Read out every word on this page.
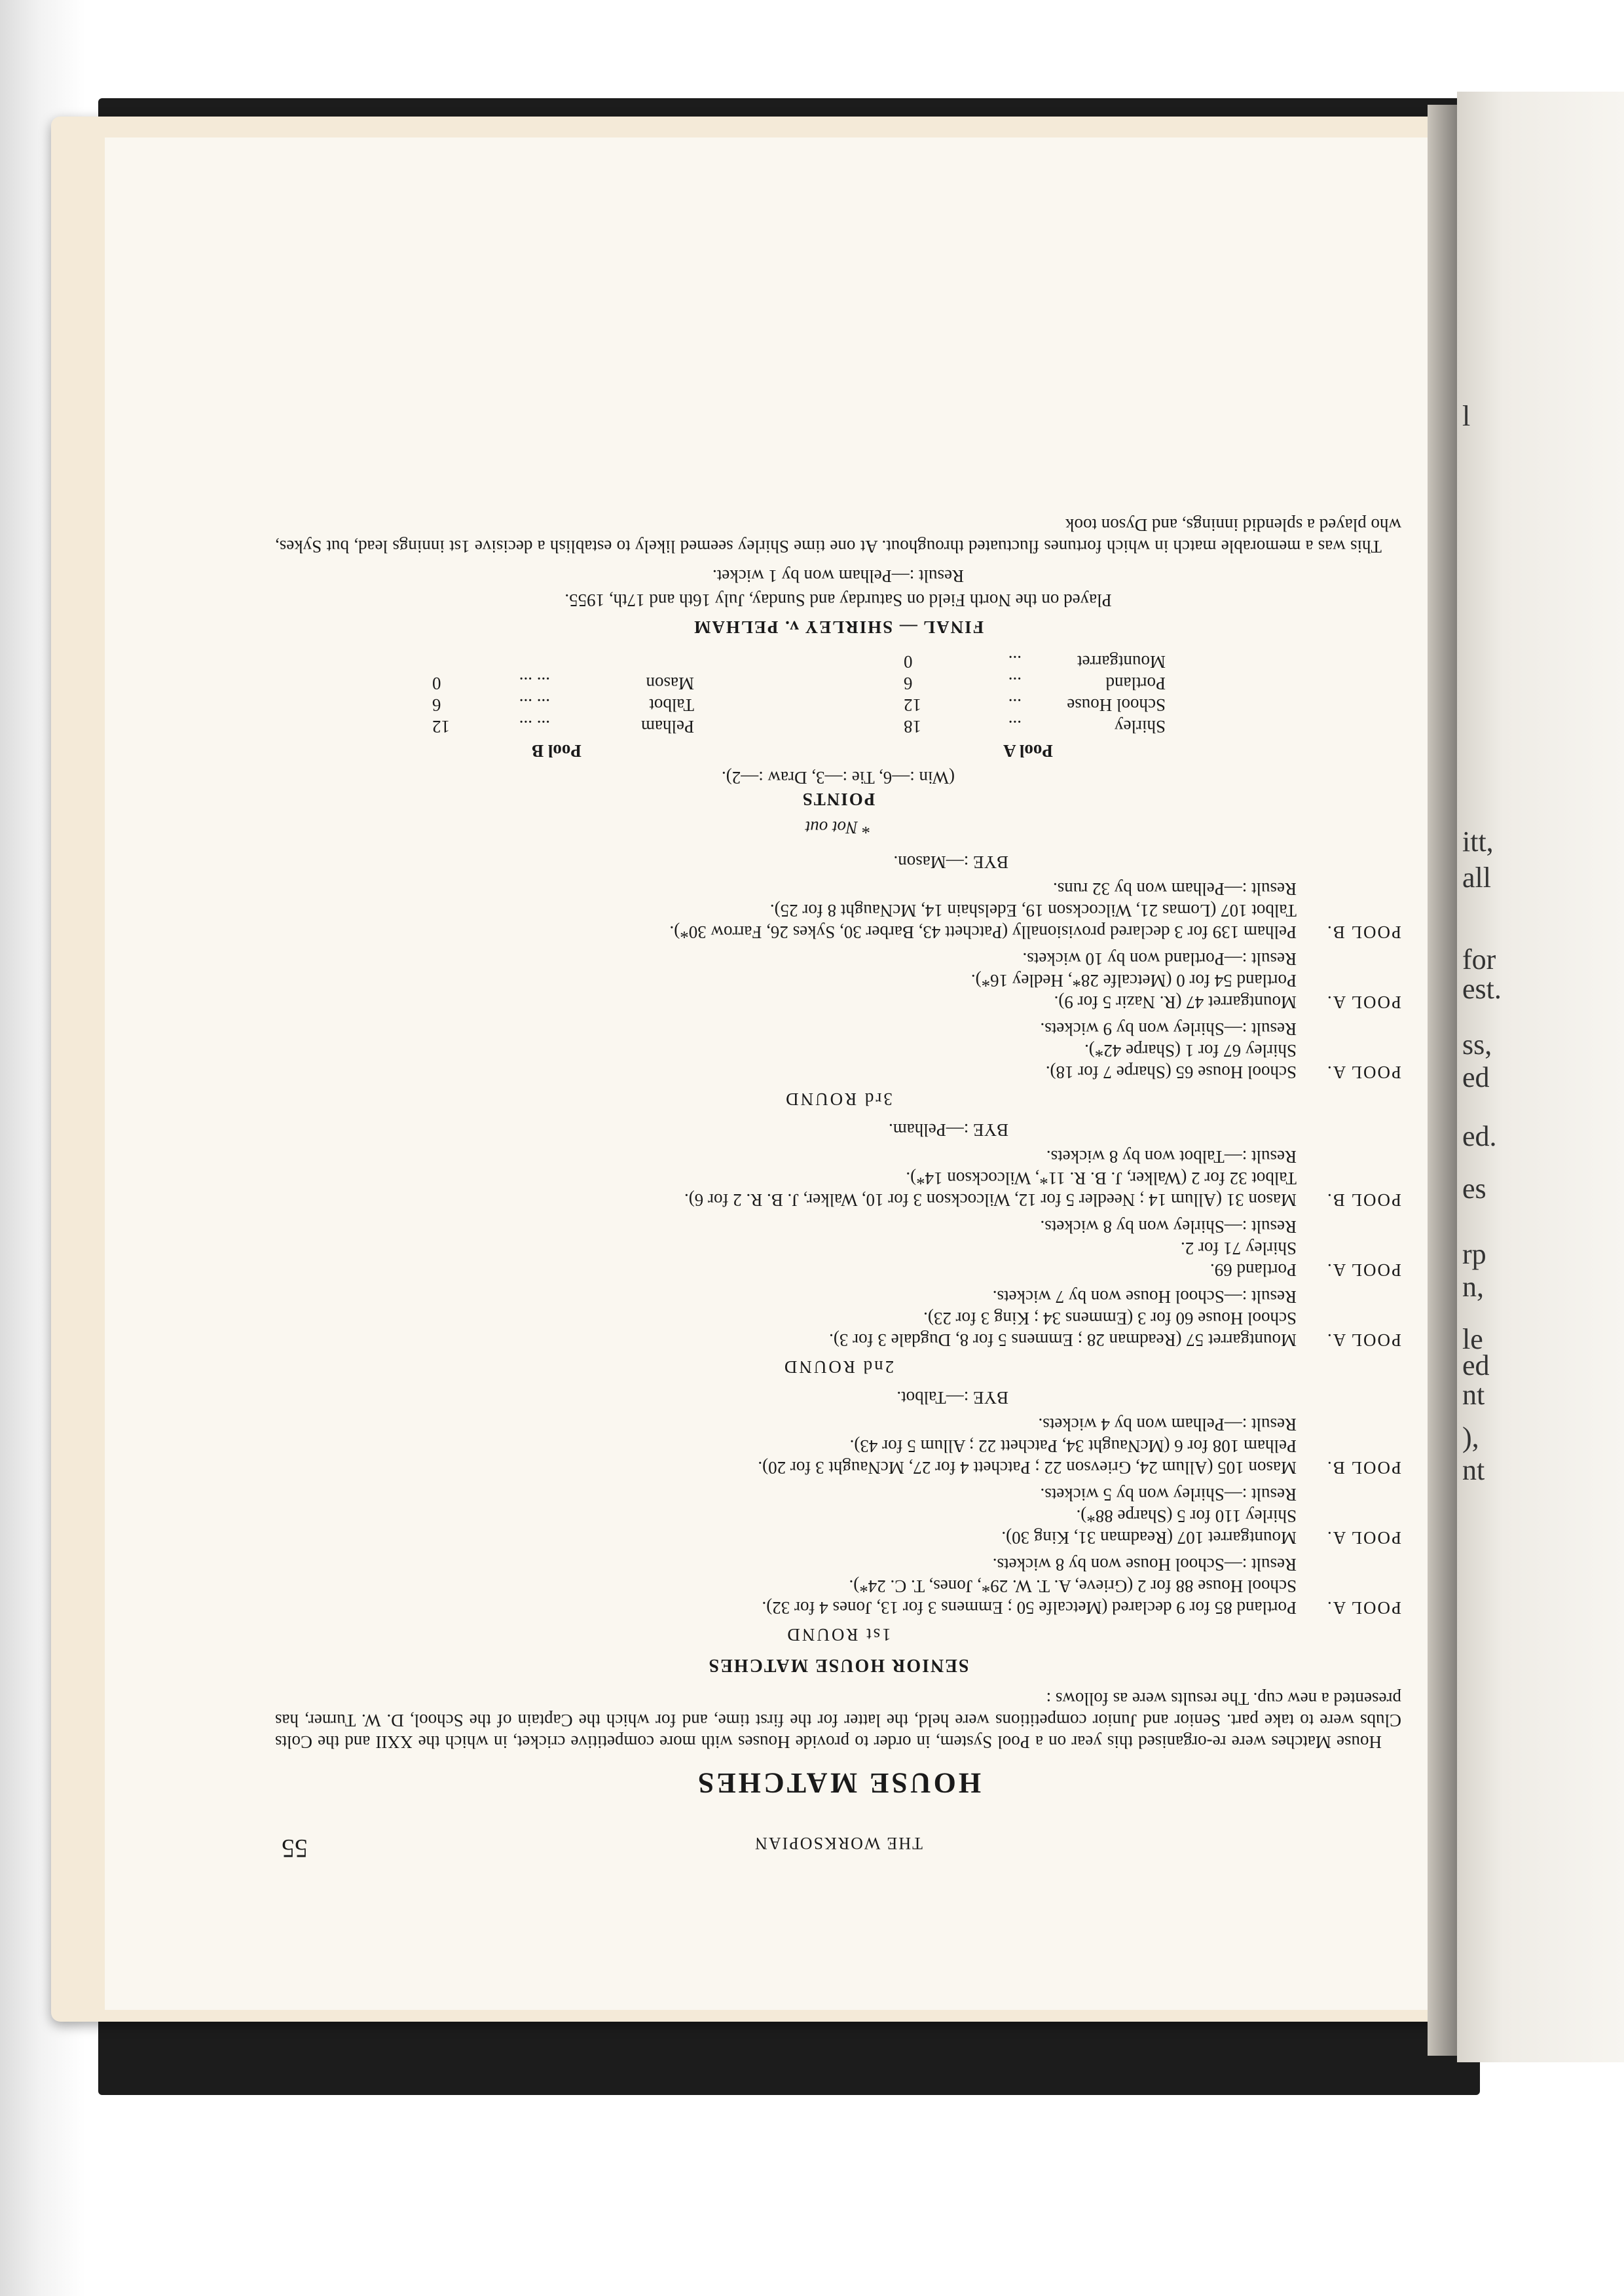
l
itt,
all
for
est.
ss,
ed
ed.
es
rp
n,
le
ed
nt
),
nt
THE WORKSOPIAN
55
HOUSE MATCHES

House Matches were re-organised this year on a Pool System, in order to provide Houses with more competitive cricket, in which the XXII and the Colts Clubs were to take part. Senior and Junior competitions were held, the latter for the first time, and for which the Captain of the School, D. W. Turner, has presented a new cup. The results were as follows :

SENIOR HOUSE MATCHES
1st ROUND
POOL A.
Portland 85 for 9 declared (Metcalfe 50 ; Emmens 3 for 13, Jones 4 for 32).
School House 88 for 2 (Grieve, A. T. W. 29*, Jones, T. C. 24*).
Result :—School House won by 8 wickets.
POOL A.
Mountgarret 107 (Readman 31, King 30).
Shirley 110 for 5 (Sharpe 88*).
Result :—Shirley won by 5 wickets.
POOL B.
Mason 105 (Allum 24, Grievson 22 ; Patchett 4 for 27, McNaught 3 for 20).
Pelham 108 for 6 (McNaught 34, Patchett 22 ; Allum 5 for 43).
Result :—Pelham won by 4 wickets.
BYE :—Talbot.
2nd ROUND
POOL A.
Mountgarret 57 (Readman 28 ; Emmens 5 for 8, Dugdale 3 for 3).
School House 60 for 3 (Emmens 34 ; King 3 for 23).
Result :—School House won by 7 wickets.
POOL A.
Portland 69.
Shirley 71 for 2.
Result :—Shirley won by 8 wickets.
POOL B.
Mason 31 (Allum 14 ; Needler 5 for 12, Wilcockson 3 for 10, Walker, J. B. R. 2 for 6).
Talbot 32 for 2 (Walker, J. B. R. 11*, Wilcockson 14*).
Result :—Talbot won by 8 wickets.
BYE :—Pelham.
3rd ROUND
POOL A.
School House 65 (Sharpe 7 for 18).
Shirley 67 for 1 (Sharpe 42*).
Result :—Shirley won by 9 wickets.
POOL A.
Mountgarret 47 (R. Nazir 5 for 9).
Portland 54 for 0 (Metcalfe 28*, Hedley 16*).
Result :—Portland won by 10 wickets.
POOL B.
Pelham 139 for 3 declared provisionally (Patchett 43, Barber 30, Sykes 26, Farrow 30*).
Talbot 107 (Lomas 21, Wilcockson 19, Edelshain 14, McNaught 8 for 25).
Result :—Pelham won by 32 runs.
BYE :—Mason.
* Not out
POINTS
(Win :—6, Tie :—3, Draw :—2).
Pool A
Shirley
...
18
School House
...
12
Portland
...
6
Mountgarret
...
0
Pool B
Pelham
... ...
12
Talbot
... ...
6
Mason
... ...
0
FINAL — SHIRLEY v. PELHAM

Played on the North Field on Saturday and Sunday, July 16th and 17th, 1955.

Result :—Pelham won by 1 wicket.

This was a memorable match in which fortunes fluctuated throughout. At one time Shirley seemed likely to establish a decisive 1st innings lead, but Sykes, who played a splendid innings, and Dyson took
